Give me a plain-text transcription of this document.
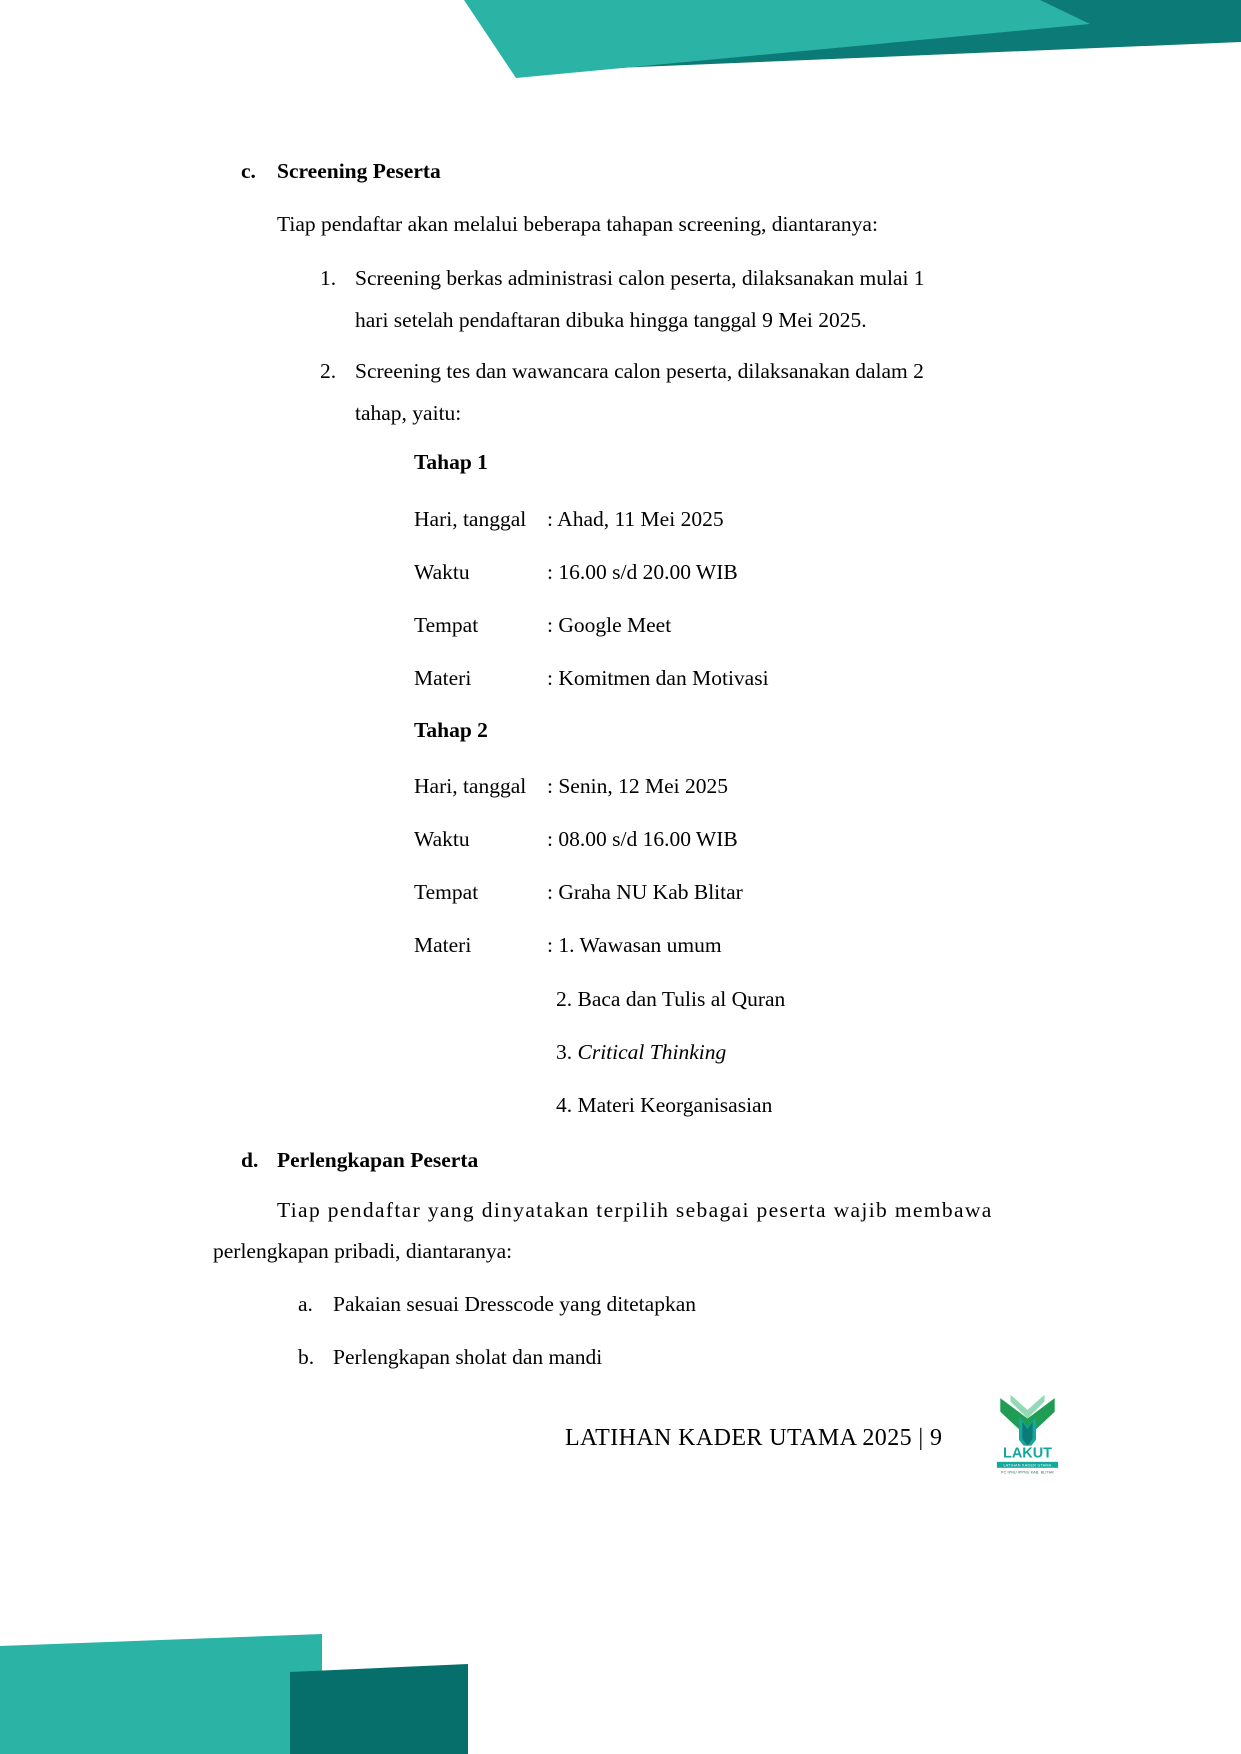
c. Screening Peserta
Tiap pendaftar akan melalui beberapa tahapan screening, diantaranya:
1. Screening berkas administrasi calon peserta, dilaksanakan mulai 1
hari setelah pendaftaran dibuka hingga tanggal 9 Mei 2025.
2. Screening tes dan wawancara calon peserta, dilaksanakan dalam 2
tahap, yaitu:
Tahap 1
Hari, tanggal : Ahad, 11 Mei 2025
Waktu	: 16.00 s/d 20.00 WIB
Tempat	: Google Meet
Materi	: Komitmen dan Motivasi
Tahap 2
Hari, tanggal : Senin, 12 Mei 2025
Waktu	: 08.00 s/d 16.00 WIB
Tempat	: Graha NU Kab Blitar
Materi	: 1. Wawasan umum
2. Baca dan Tulis al Quran
3. Critical Thinking
4. Materi Keorganisasian
d. Perlengkapan Peserta
Tiap pendaftar yang dinyatakan terpilih sebagai peserta wajib membawa
perlengkapan pribadi, diantaranya:
a. Pakaian sesuai Dresscode yang ditetapkan
b. Perlengkapan sholat dan mandi
LATIHAN KADER UTAMA 2025 | 9
LAKUT
LATIHAN KADER UTAMA
PC IPNU IPPNU KAB. BLITAR
